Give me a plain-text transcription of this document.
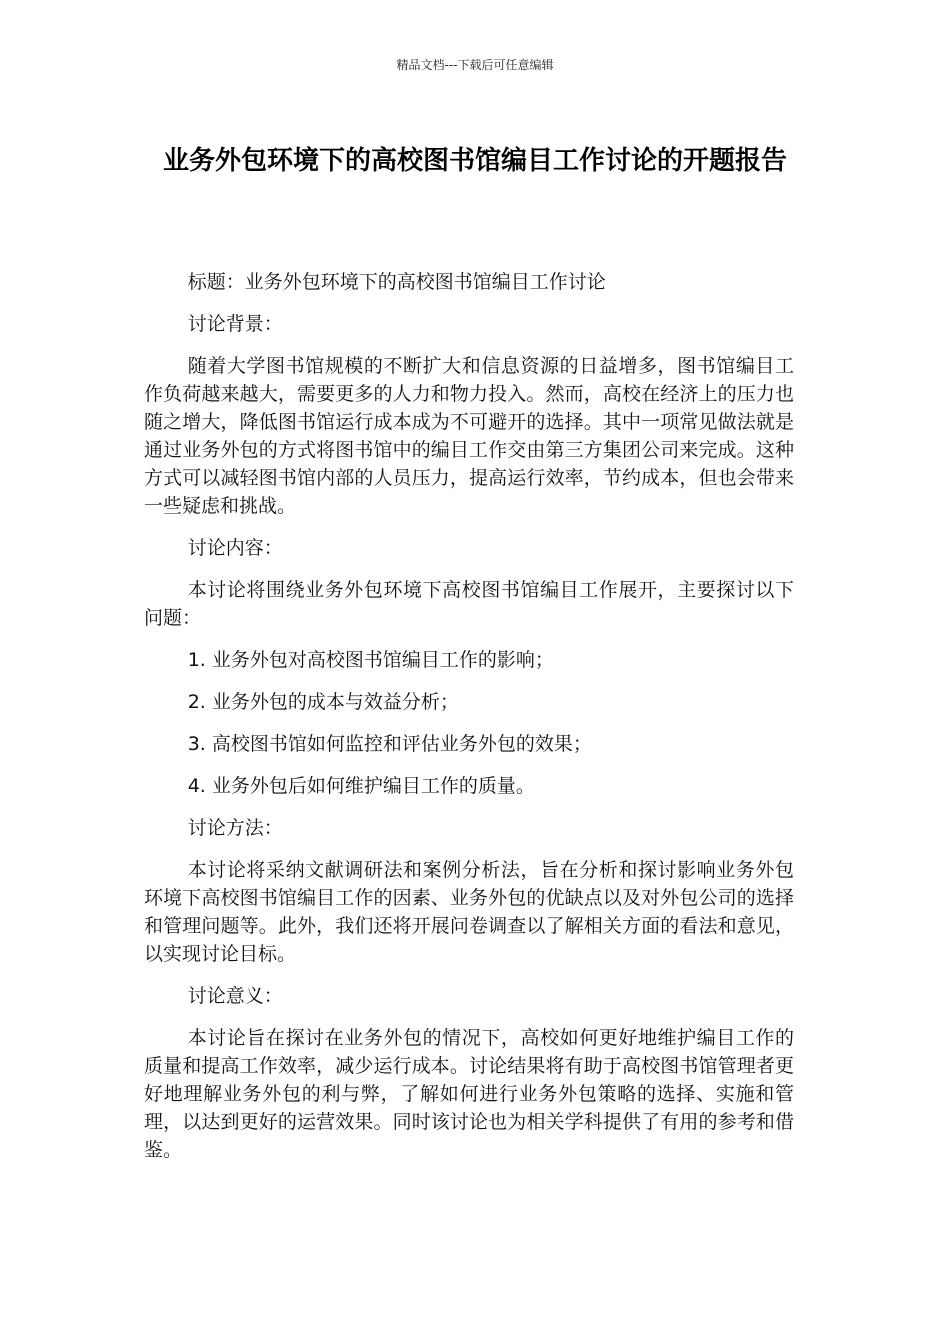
精品文档---下载后可任意编辑
业务外包环境下的高校图书馆编目工作讨论的开题报告

标题：业务外包环境下的高校图书馆编目工作讨论

讨论背景：

随着大学图书馆规模的不断扩大和信息资源的日益增多，图书馆编目工作负荷越来越大，需要更多的人力和物力投入。然而，高校在经济上的压力也随之增大，降低图书馆运行成本成为不可避开的选择。其中一项常见做法就是通过业务外包的方式将图书馆中的编目工作交由第三方集团公司来完成。这种方式可以减轻图书馆内部的人员压力，提高运行效率，节约成本，但也会带来一些疑虑和挑战。

讨论内容：

本讨论将围绕业务外包环境下高校图书馆编目工作展开，主要探讨以下问题：

1. 业务外包对高校图书馆编目工作的影响；

2. 业务外包的成本与效益分析；

3. 高校图书馆如何监控和评估业务外包的效果；

4. 业务外包后如何维护编目工作的质量。

讨论方法：

本讨论将采纳文献调研法和案例分析法，旨在分析和探讨影响业务外包环境下高校图书馆编目工作的因素、业务外包的优缺点以及对外包公司的选择和管理问题等。此外，我们还将开展问卷调查以了解相关方面的看法和意见，以实现讨论目标。

讨论意义：

本讨论旨在探讨在业务外包的情况下，高校如何更好地维护编目工作的质量和提高工作效率，减少运行成本。讨论结果将有助于高校图书馆管理者更好地理解业务外包的利与弊，了解如何进行业务外包策略的选择、实施和管理，以达到更好的运营效果。同时该讨论也为相关学科提供了有用的参考和借鉴。
